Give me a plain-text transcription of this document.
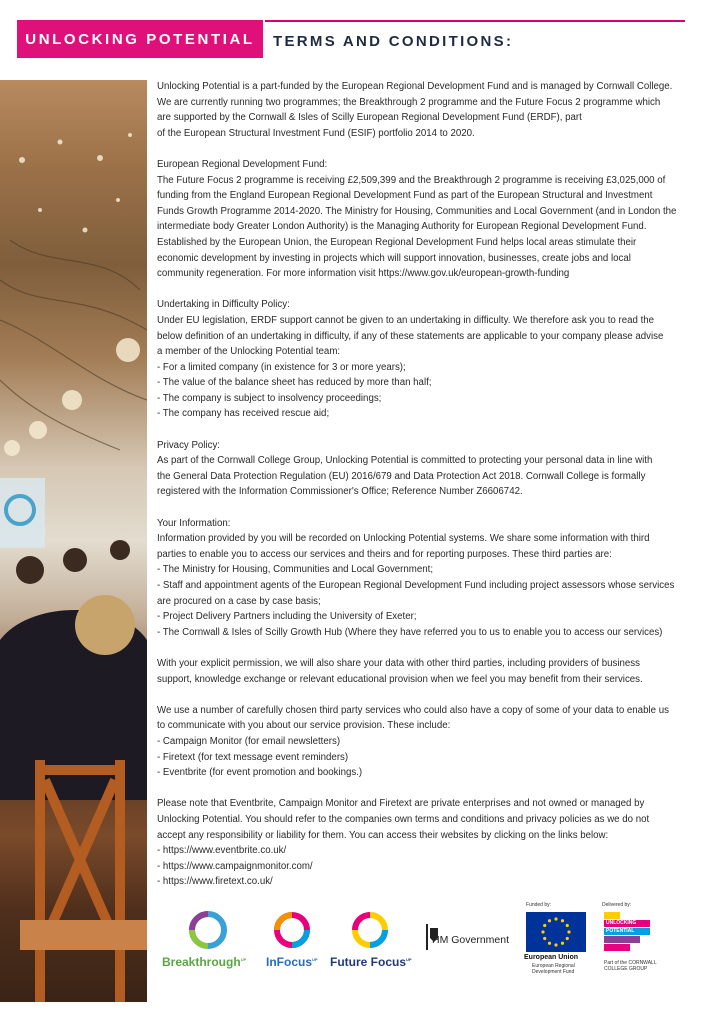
UNLOCKING POTENTIAL TERMS AND CONDITIONS:

Unlocking Potential is a part-funded by the European Regional Development Fund and is managed by Cornwall College.
We are currently running two programmes; the Breakthrough 2 programme and the Future Focus 2 programme which
are supported by the Cornwall & Isles of Scilly European Regional Development Fund (ERDF), part
of the European Structural Investment Fund (ESIF) portfolio 2014 to 2020.

European Regional Development Fund:
The Future Focus 2 programme is receiving £2,509,399 and the Breakthrough 2 programme is receiving £3,025,000 of
funding from the England European Regional Development Fund as part of the European Structural and Investment
Funds Growth Programme 2014-2020. The Ministry for Housing, Communities and Local Government (and in London the
intermediate body Greater London Authority) is the Managing Authority for European Regional Development Fund.
Established by the European Union, the European Regional Development Fund helps local areas stimulate their
economic development by investing in projects which will support innovation, businesses, create jobs and local
community regeneration. For more information visit https://www.gov.uk/european-growth-funding

Undertaking in Difficulty Policy:
Under EU legislation, ERDF support cannot be given to an undertaking in difficulty. We therefore ask you to read the
below definition of an undertaking in difficulty, if any of these statements are applicable to your company please advise
a member of the Unlocking Potential team:
- For a limited company (in existence for 3 or more years);
- The value of the balance sheet has reduced by more than half;
- The company is subject to insolvency proceedings;
- The company has received rescue aid;

Privacy Policy:
As part of the Cornwall College Group, Unlocking Potential is committed to protecting your personal data in line with
the General Data Protection Regulation (EU) 2016/679 and Data Protection Act 2018. Cornwall College is formally
registered with the Information Commissioner's Office; Reference Number Z6606742.

Your Information:
Information provided by you will be recorded on Unlocking Potential systems. We share some information with third
parties to enable you to access our services and theirs and for reporting purposes. These third parties are:
- The Ministry for Housing, Communities and Local Government;
- Staff and appointment agents of the European Regional Development Fund including project assessors whose services
are procured on a case by case basis;
- Project Delivery Partners including the University of Exeter;
- The Cornwall & Isles of Scilly Growth Hub (Where they have referred you to us to enable you to access our services)

With your explicit permission, we will also share your data with other third parties, including providers of business
support, knowledge exchange or relevant educational provision when we feel you may benefit from their services.

We use a number of carefully chosen third party services who could also have a copy of some of your data to enable us
to communicate with you about our service provision. These include:
- Campaign Monitor (for email newsletters)
- Firetext (for text message event reminders)
- Eventbrite (for event promotion and bookings.)

Please note that Eventbrite, Campaign Monitor and Firetext are private enterprises and not owned or managed by
Unlocking Potential. You should refer to the companies own terms and conditions and privacy policies as we do not
accept any responsibility or liability for them. You can access their websites by clicking on the links below:
- https://www.eventbrite.co.uk/
- https://www.campaignmonitor.com/
- https://www.firetext.co.uk/

Breakthrough$^{UP}$	InFocus$^{UP}$	Future Focus$^{UP}$
HM Government
Funded by:
European Union
European Regional
Development Fund
Delivered by:
UNLOCKING
POTENTIAL
Part of the CORNWALL
COLLEGE GROUP
